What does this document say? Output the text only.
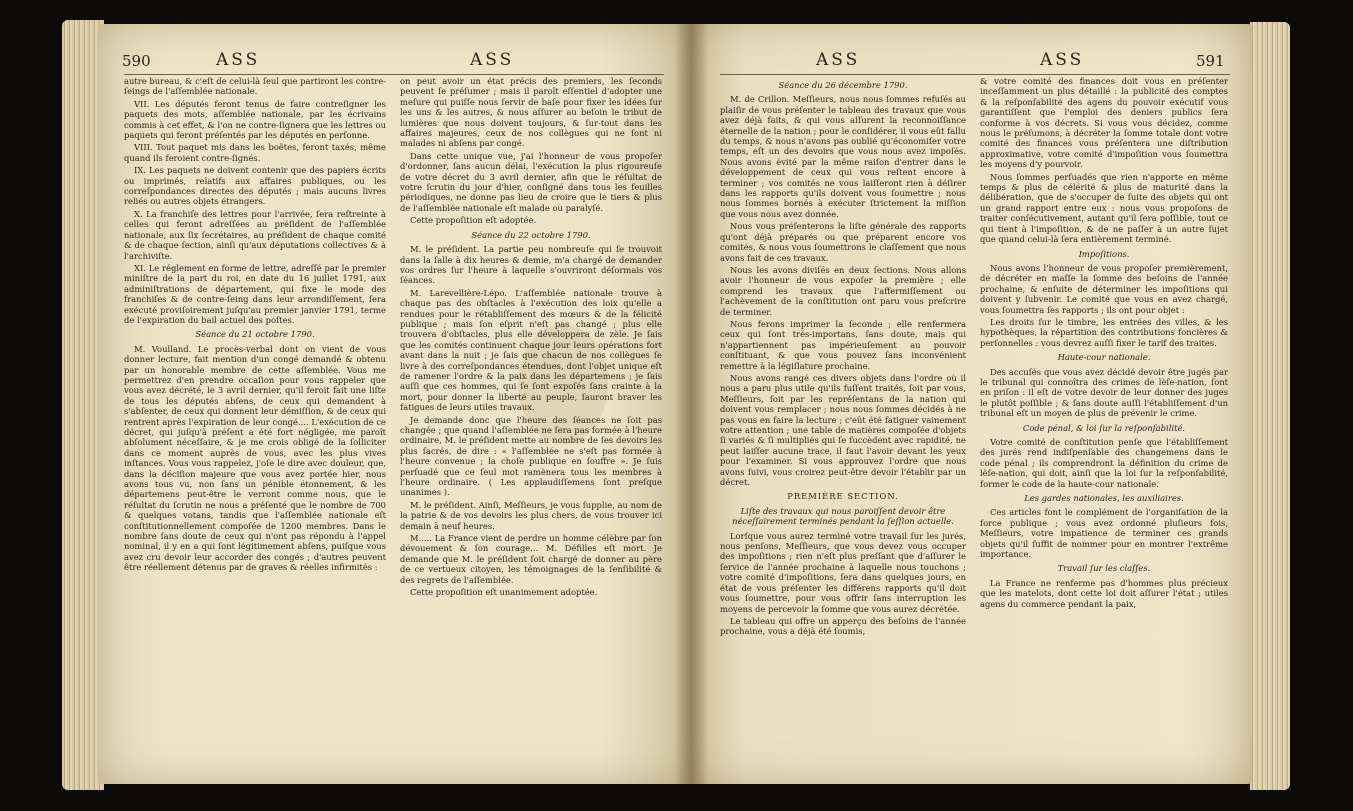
590	ASS	ASS

autre bureau, & c'eſt de celui-là ſeul que partiront les contre-ſeings de l'aſſemblée nationale.

VII. Les députés feront tenus de faire contreſigner les paquets des mots, aſſemblée nationale, par les écrivains commis à cet effet, & l'on ne contre-ſignera que les lettres ou paquets qui feront préſentés par les députés en perſonne.

VIII. Tout paquet mis dans les boëtes, feront taxés, même quand ils feroient contre-ſignés.

IX. Les paquets ne doivent contenir que des papiers écrits ou imprimés, relatifs aux affaires publiques, ou les correſpondances directes des députés ; mais aucuns livres reliés ou autres objets étrangers.

X. La franchiſe des lettres pour l'arrivée, ſera reſtreinte à celles qui feront adreſſées au préſident de l'aſſemblée nationale, aux ſix ſecrétaires, au préſident de chaque comité & de chaque ſection, ainſi qu'aux députations collectives & à l'archiviſte.

XI. Le réglement en forme de lettre, adreſſé par le premier miniſtre de la part du roi, en date du 16 juillet 1791, aux adminiſtrations de département, qui fixe le mode des franchiſes & de contre-ſeing dans leur arrondiſſement, ſera exécuté proviſoirement juſqu'au premier janvier 1791, terme de l'expiration du bail actuel des poſtes.

Séance du 21 octobre 1790.

M. Voulland. Le procès-verbal dont on vient de vous donner lecture, fait mention d'un congé demandé & obtenu par un honorable membre de cette aſſemblée. Vous me permettrez d'en prendre occaſion pour vous rappeler que vous avez décrété, le 3 avril dernier, qu'il feroit fait une liſte de tous les députés abſens, de ceux qui demandent à s'abſenter, de ceux qui donnent leur démiſſion, & de ceux qui rentrent après l'expiration de leur congé.... L'exécution de ce décret, qui juſqu'à préſent a été fort négligée, me paroît abſolument néceſſaire, & je me crois obligé de la ſolliciter dans ce moment auprès de vous, avec les plus vives inſtances. Vous vous rappelez, j'oſe le dire avec douleur, que, dans la déciſion majeure que vous avez portée hier, nous avons tous vu, non ſans un pénible étonnement, & les départemens peut-être le verront comme nous, que le réſultat du ſcrutin ne nous a préſenté que le nombre de 700 & quelques votans, tandis que l'aſſemblée nationale eſt conſtitutionnellement compoſée de 1200 membres. Dans le nombre ſans doute de ceux qui n'ont pas répondu à l'appel nominal, il y en a qui ſont légitimement abſens, puiſque vous avez cru devoir leur accorder des congés ; d'autres peuvent être réellement détenus par de graves & réelles infirmités :

on peut avoir un état précis des premiers, les ſeconds peuvent ſe préſumer ; mais il paroît eſſentiel d'adopter une meſure qui puiſſe nous ſervir de baſe pour fixer les idées ſur les uns & les autres, & nous aſſurer au beſoin le tribut de lumières que nous doivent toujours, & ſur-tout dans les affaires majeures, ceux de nos collègues qui ne ſont ni malades ni abſens par congé.

Dans cette unique vue, j'ai l'honneur de vous propoſer d'ordonner, ſans aucun délai, l'exécution la plus rigoureuſe de votre décret du 3 avril dernier, afin que le réſultat de votre ſcrutin du jour d'hier, conſigné dans tous les feuilles périodiques, ne donne pas lieu de croire que le tiers & plus de l'aſſemblée nationale eſt malade ou paralyſé.

Cette propoſition eſt adoptée.

Séance du 22 octobre 1790.

M. le préſident. La partie peu nombreuſe qui ſe trouvoit dans la ſalle à dix heures & demie, m'a chargé de demander vos ordres ſur l'heure à laquelle s'ouvriront déſormais vos ſéances.

M. Larevellière-Lépo. L'aſſemblée nationale trouve à chaque pas des obſtacles à l'exécution des loix qu'elle a rendues pour le rétabliſſement des mœurs & de la félicité publique ; mais ſon eſprit n'eſt pas changé ; plus elle trouvera d'obſtacles, plus elle développera de zèle. Je ſais que les comités continuent chaque jour leurs opérations fort avant dans la nuit ; je ſais que chacun de nos collègues ſe livre à des correſpondances étendues, dont l'objet unique eſt de ramener l'ordre & la paix dans les départemens ; je ſais auſſi que ces hommes, qui ſe ſont expoſés ſans crainte à la mort, pour donner la liberté au peuple, ſauront braver les fatigues de leurs utiles travaux.

Je demande donc que l'heure des ſéances ne ſoit pas changée ; que quand l'aſſemblée ne ſera pas formée à l'heure ordinaire, M. le préſident mette au nombre de ſes devoirs les plus ſacrés, de dire : « l'aſſemblée ne s'eſt pas formée à l'heure convenue ; la choſe publique en ſouffre ». Je ſuis perſuadé que ce ſeul mot ramènera tous les membres à l'heure ordinaire. ( Les applaudiſſemens ſont preſque unanimes ).

M. le préſident. Ainſi, Meſſieurs, je vous ſupplie, au nom de la patrie & de vos devoirs les plus chers, de vous trouver ici demain à neuf heures.

M..... La France vient de perdre un homme célèbre par ſon dévouement & ſon courage... M. Défilles eſt mort. Je demande que M. le préſident ſoit chargé de donner au père de ce vertueux citoyen, les témoignages de la ſenſibilité & des regrets de l'aſſemblée.

Cette propoſition eſt unanimement adoptée.

ASS	ASS	591

Séance du 26 décembre 1790.

M. de Crillon. Meſſieurs, nous nous ſommes refuſés au plaiſir de vous préſenter le tableau des travaux que vous avez déjà faits, & qui vous aſſurent la reconnoiſſance éternelle de la nation ; pour le conſidérer, il vous eût fallu du temps, & nous n'avons pas oublié qu'économiſer votre temps, eſt un des devoirs que vous nous avez impoſés. Nous avons évité par la même raiſon d'entrer dans le développement de ceux qui vous reſtent encore à terminer ; vos comités ne vous laiſſeront rien à déſirer dans les rapports qu'ils doivent vous ſoumettre ; nous nous ſommes bornés à exécuter ſtrictement la miſſion que vous nous avez donnée.

Nous vous préſenterons la liſte générale des rapports qu'ont déjà préparés ou que préparent encore vos comités, & nous vous ſoumettrons le claſſement que nous avons fait de ces travaux.

Nous les avons diviſés en deux ſections. Nous allons avoir l'honneur de vous expoſer la première ; elle comprend les travaux que l'affermiſſement ou l'achèvement de la conſtitution ont paru vous preſcrire de terminer.

Nous ferons imprimer la ſeconde ; elle renfermera ceux qui ſont très-importans, ſans doute, mais qui n'appartiennent pas impérieuſement au pouvoir conſtituant, & que vous pouvez ſans inconvénient remettre à la légiſlature prochaine.

Nous avons rangé ces divers objets dans l'ordre où il nous a paru plus utile qu'ils fuſſent traités, ſoit par vous, Meſſieurs, ſoit par les repréſentans de la nation qui doivent vous remplacer ; nous nous ſommes décidés à ne pas vous en faire la lecture ; c'eût été fatiguer vainement votre attention ; une table de matières compoſée d'objets ſi variés & ſi multipliés qui ſe ſuccèdent avec rapidité, ne peut laiſſer aucune trace, il faut l'avoir devant les yeux pour l'examiner. Si vous approuvez l'ordre que nous avons ſuivi, vous croirez peut-être devoir l'établir par un décret.

PREMIÈRE SECTION.

Liſte des travaux qui nous paroiſſent devoir être néceſſairement terminés pendant la ſeſſion actuelle.

Lorſque vous aurez terminé votre travail ſur les jurés, nous penſons, Meſſieurs, que vous devez vous occuper des impoſitions ; rien n'eſt plus preſſant que d'aſſurer le ſervice de l'année prochaine à laquelle nous touchons ; votre comité d'impoſitions, ſera dans quelques jours, en état de vous préſenter les différens rapports qu'il doit vous ſoumettre, pour vous offrir ſans interruption les moyens de percevoir la ſomme que vous aurez décrétée.

Le tableau qui offre un apperçu des beſoins de l'année prochaine, vous a déjà été ſoumis,

& votre comité des finances doit vous en préſenter inceſſamment un plus détaillé : la publicité des comptes & la reſponſabilité des agens du pouvoir exécutif vous garantiſſent que l'emploi des deniers publics ſera conforme à vos décrets. Si vous vous décidez, comme nous le préſumons, à décréter la ſomme totale dont votre comité des finances vous préſentera une diſtribution approximative, votre comité d'impoſition vous ſoumettra les moyens d'y pourvoir.

Nous ſommes perſuadés que rien n'apporte en même temps & plus de célérité & plus de maturité dans la délibération, que de s'occuper de ſuite des objets qui ont un grand rapport entre eux : nous vous propoſons de traiter conſécutivement, autant qu'il ſera poſſible, tout ce qui tient à l'impoſition, & de ne paſſer à un autre ſujet que quand celui-là ſera entièrement terminé.

Impoſitions.

Nous avons l'honneur de vous propoſer premièrement, de décréter en maſſe la ſomme des beſoins de l'année prochaine, & enſuite de déterminer les impoſitions qui doivent y ſubvenir. Le comité que vous en avez chargé, vous ſoumettra ſes rapports ; ils ont pour objet :

Les droits ſur le timbre, les entrées des villes, & les hypothèques, la répartition des contributions foncières & perſonnelles : vous devrez auſſi fixer le tarif des traites.

Haute-cour nationale.

Des accuſés que vous avez décidé devoir être jugés par le tribunal qui connoîtra des crimes de lèſe-nation, ſont en priſon : il eſt de votre devoir de leur donner des juges le plutôt poſſible ; & ſans doute auſſi l'établiſſement d'un tribunal eſt un moyen de plus de prévenir le crime.

Code pénal, & loi ſur la reſponſabilité.

Votre comité de conſtitution penſe que l'établiſſement des jurés rend indiſpenſable des changemens dans le code pénal ; ils comprendront la définition du crime de lèſe-nation, qui doit, ainſi que la loi ſur la reſponſabilité, former le code de la haute-cour nationale.

Les gardes nationales, les auxiliaires.

Ces articles font le complément de l'organiſation de la force publique ; vous avez ordonné pluſieurs fois, Meſſieurs, votre impatience de terminer ces grands objets qu'il ſuffit de nommer pour en montrer l'extrême importance.

Travail ſur les claſſes.

La France ne renferme pas d'hommes plus précieux que les matelots, dont cette loi doit aſſurer l'état ; utiles agens du commerce pendant la paix,
